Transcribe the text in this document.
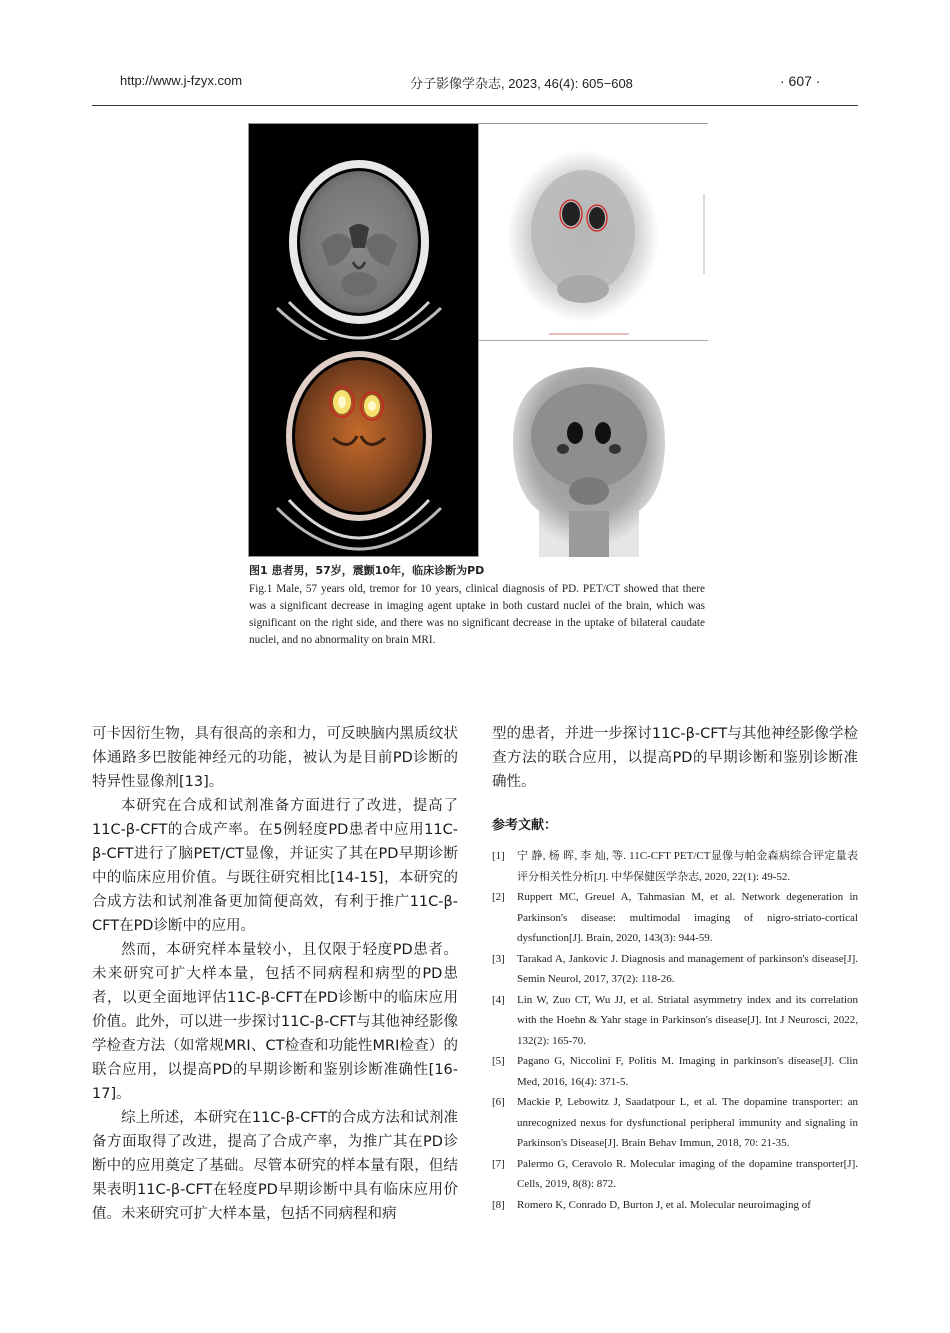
http://www.j-fzyx.com	分子影像学杂志, 2023, 46(4): 605−608	· 607 ·
图1 患者男，57岁，震颤10年，临床诊断为PD
Fig.1 Male, 57 years old, tremor for 10 years, clinical diagnosis of PD. PET/CT showed that there was a significant decrease in imaging agent uptake in both custard nuclei of the brain, which was significant on the right side, and there was no significant decrease in the uptake of bilateral caudate nuclei, and no abnormality on brain MRI.

可卡因衍生物，具有很高的亲和力，可反映脑内黑质纹状体通路多巴胺能神经元的功能，被认为是目前PD诊断的特异性显像剂[13]。

本研究在合成和试剂准备方面进行了改进，提高了11C-β-CFT的合成产率。在5例轻度PD患者中应用11C-β-CFT进行了脑PET/CT显像，并证实了其在PD早期诊断中的临床应用价值。与既往研究相比[14-15]，本研究的合成方法和试剂准备更加简便高效，有利于推广11C-β-CFT在PD诊断中的应用。

然而，本研究样本量较小，且仅限于轻度PD患者。未来研究可扩大样本量，包括不同病程和病型的PD患者，以更全面地评估11C-β-CFT在PD诊断中的临床应用价值。此外，可以进一步探讨11C-β-CFT与其他神经影像学检查方法（如常规MRI、CT检查和功能性MRI检查）的联合应用，以提高PD的早期诊断和鉴别诊断准确性[16-17]。

综上所述，本研究在11C-β-CFT的合成方法和试剂准备方面取得了改进，提高了合成产率，为推广其在PD诊断中的应用奠定了基础。尽管本研究的样本量有限，但结果表明11C-β-CFT在轻度PD早期诊断中具有临床应用价值。未来研究可扩大样本量，包括不同病程和病

型的患者，并进一步探讨11C-β-CFT与其他神经影像学检查方法的联合应用，以提高PD的早期诊断和鉴别诊断准确性。

参考文献：
[1] 宁 静, 杨 晖, 李 灿, 等. 11C-CFT PET/CT显像与帕金森病综合评定量表评分相关性分析[J]. 中华保健医学杂志, 2020, 22(1): 49-52.
[2] Ruppert MC, Greuel A, Tahmasian M, et al. Network degeneration in Parkinson's disease: multimodal imaging of nigro-striato-cortical dysfunction[J]. Brain, 2020, 143(3): 944-59.
[3] Tarakad A, Jankovic J. Diagnosis and management of parkinson's disease[J]. Semin Neurol, 2017, 37(2): 118-26.
[4] Lin W, Zuo CT, Wu JJ, et al. Striatal asymmetry index and its correlation with the Hoehn & Yahr stage in Parkinson's disease[J]. Int J Neurosci, 2022, 132(2): 165-70.
[5] Pagano G, Niccolini F, Politis M. Imaging in parkinson's disease[J]. Clin Med, 2016, 16(4): 371-5.
[6] Mackie P, Lebowitz J, Saadatpour L, et al. The dopamine transporter: an unrecognized nexus for dysfunctional peripheral immunity and signaling in Parkinson's Disease[J]. Brain Behav Immun, 2018, 70: 21-35.
[7] Palermo G, Ceravolo R. Molecular imaging of the dopamine transporter[J]. Cells, 2019, 8(8): 872.
[8] Romero K, Conrado D, Burton J, et al. Molecular neuroimaging of
